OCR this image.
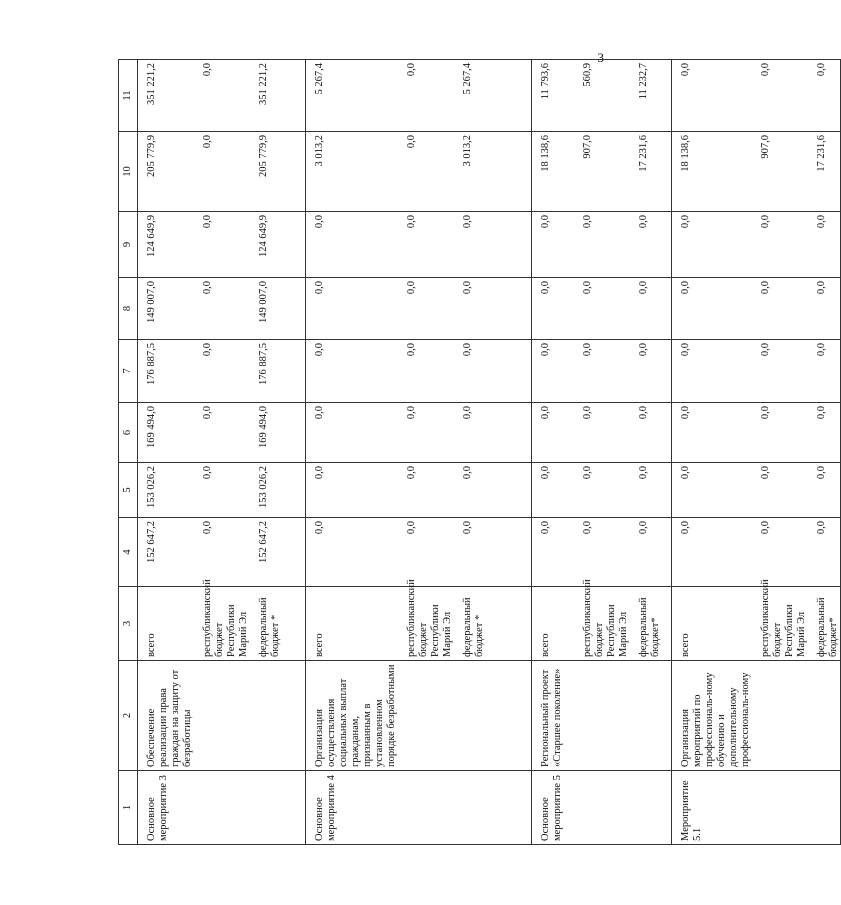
3
1	2	3	4	5	6	7	8	9	10	11
Основное мероприятие 3	Обеспечение реализации права граждан на защиту от безработицы	всего	152 647,2	153 026,2	169 494,0	176 887,5	149 007,0	124 649,9	205 779,9	351 221,2
		республиканский бюджет Республики Марий Эл	0,0	0,0	0,0	0,0	0,0	0,0	0,0	0,0
		федеральный бюджет *	152 647,2	153 026,2	169 494,0	176 887,5	149 007,0	124 649,9	205 779,9	351 221,2
Основное мероприятие 4	Организация осуществления социальных выплат гражданам, признанным в установленном порядке безработными	всего	0,0	0,0	0,0	0,0	0,0	0,0	3 013,2	5 267,4
		республиканский бюджет Республики Марий Эл	0,0	0,0	0,0	0,0	0,0	0,0	0,0	0,0
		федеральный бюджет *	0,0	0,0	0,0	0,0	0,0	0,0	3 013,2	5 267,4
Основное мероприятие 5	Региональный проект «Старшее поколение»	всего	0,0	0,0	0,0	0,0	0,0	0,0	18 138,6	11 793,6
		республиканский бюджет Республики Марий Эл	0,0	0,0	0,0	0,0	0,0	0,0	907,0	560,9
		федеральный бюджет*	0,0	0,0	0,0	0,0	0,0	0,0	17 231,6	11 232,7
Мероприятие 5.1	Организация мероприятий по профессиональ-ному обучению и дополнительному профессиональ-ному	всего	0,0	0,0	0,0	0,0	0,0	0,0	18 138,6	0,0
		республиканский бюджет Республики Марий Эл	0,0	0,0	0,0	0,0	0,0	0,0	907,0	0,0
		федеральный бюджет*	0,0	0,0	0,0	0,0	0,0	0,0	17 231,6	0,0
